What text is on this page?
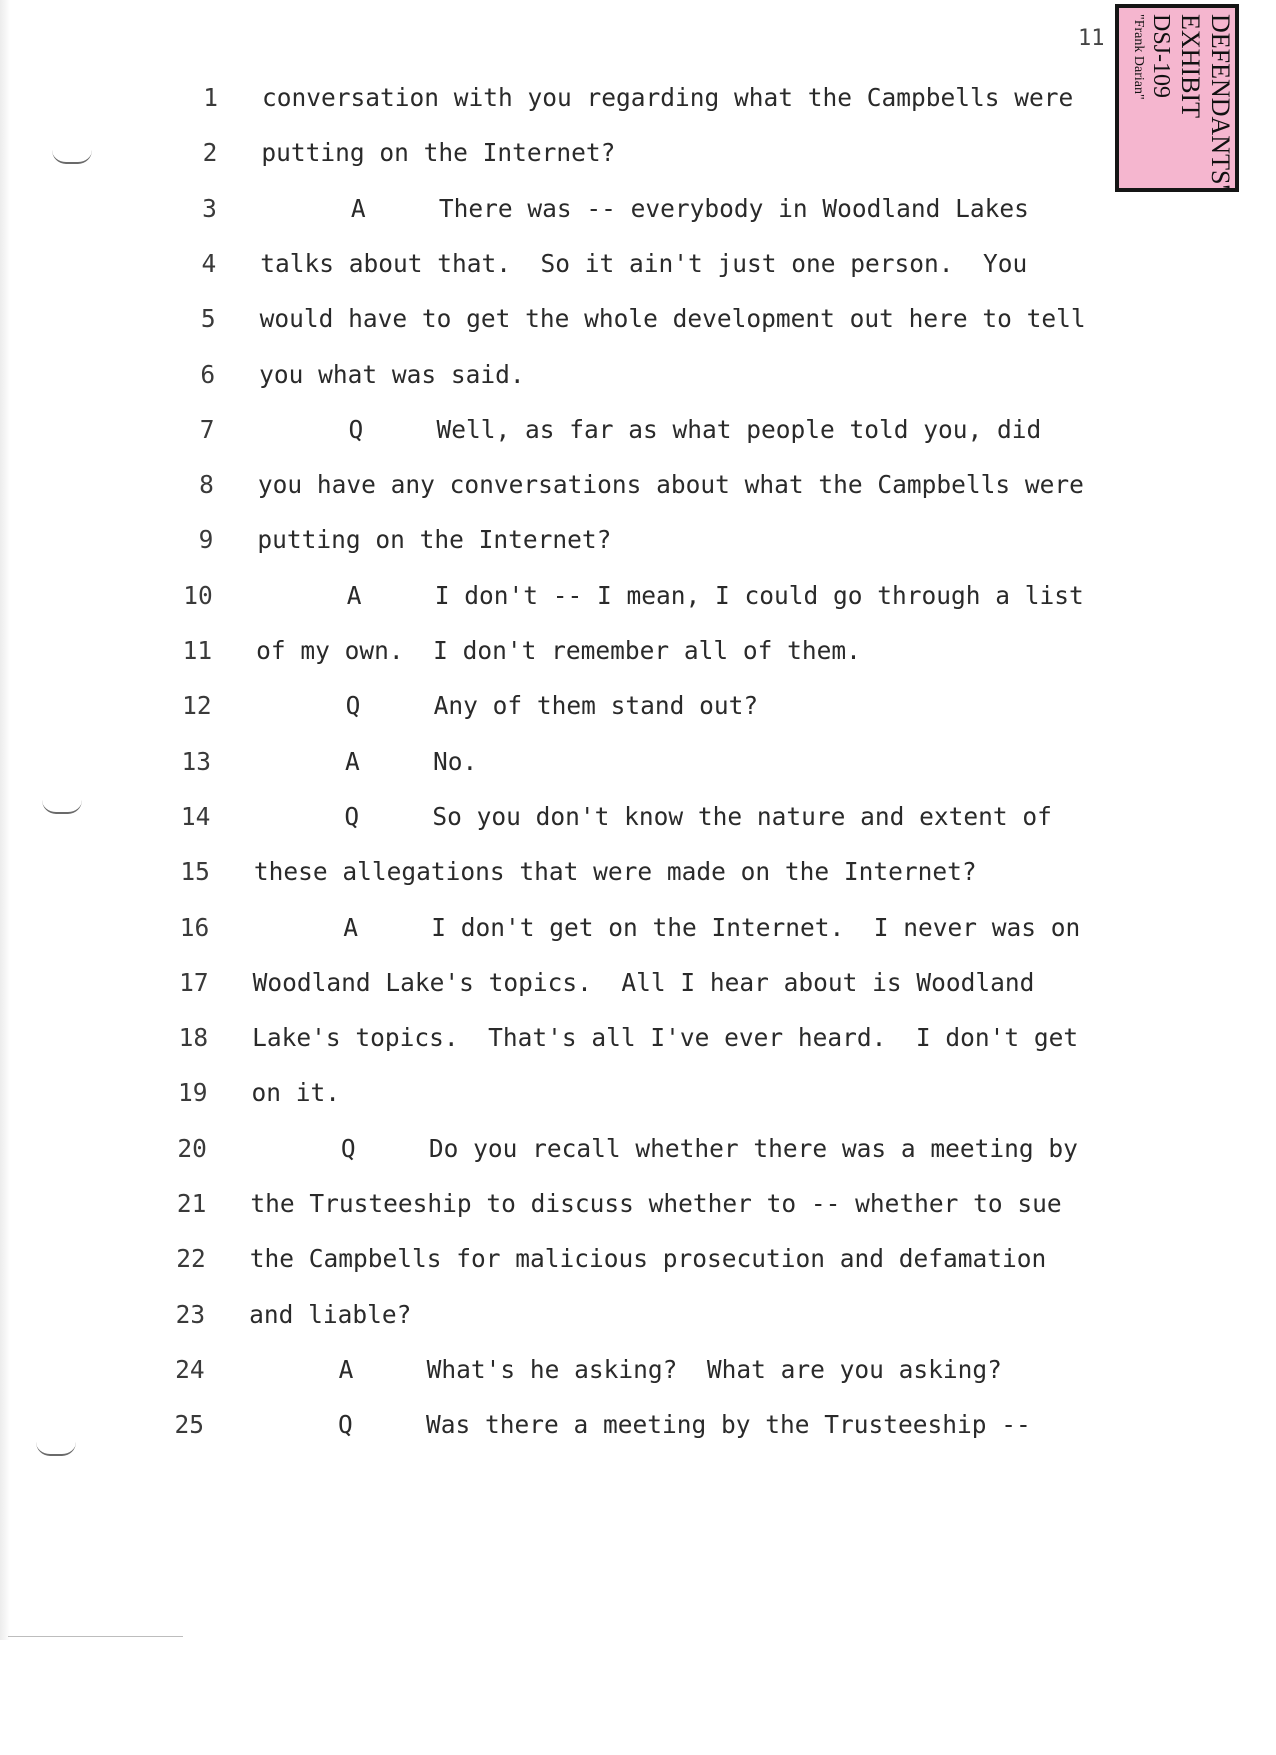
11	DEFENDANTS'
EXHIBIT
DSJ-109
"Frank Darian"
1 conversation with you regarding what the Campbells were
2 putting on the Internet?
3	A	There was -- everybody in Woodland Lakes
4 talks about that.  So it ain't just one person.  You
5 would have to get the whole development out here to tell
6 you what was said.
7	Q	Well, as far as what people told you, did
8 you have any conversations about what the Campbells were
9 putting on the Internet?
10	A	I don't -- I mean, I could go through a list
11 of my own.  I don't remember all of them.
12	Q	Any of them stand out?
13	A	No.
14	Q	So you don't know the nature and extent of
15 these allegations that were made on the Internet?
16	A	I don't get on the Internet.  I never was on
17 Woodland Lake's topics.  All I hear about is Woodland
18 Lake's topics.  That's all I've ever heard.  I don't get
19 on it.
20	Q	Do you recall whether there was a meeting by
21 the Trusteeship to discuss whether to -- whether to sue
22 the Campbells for malicious prosecution and defamation
23 and liable?
24	A	What's he asking?  What are you asking?
25	Q	Was there a meeting by the Trusteeship --
